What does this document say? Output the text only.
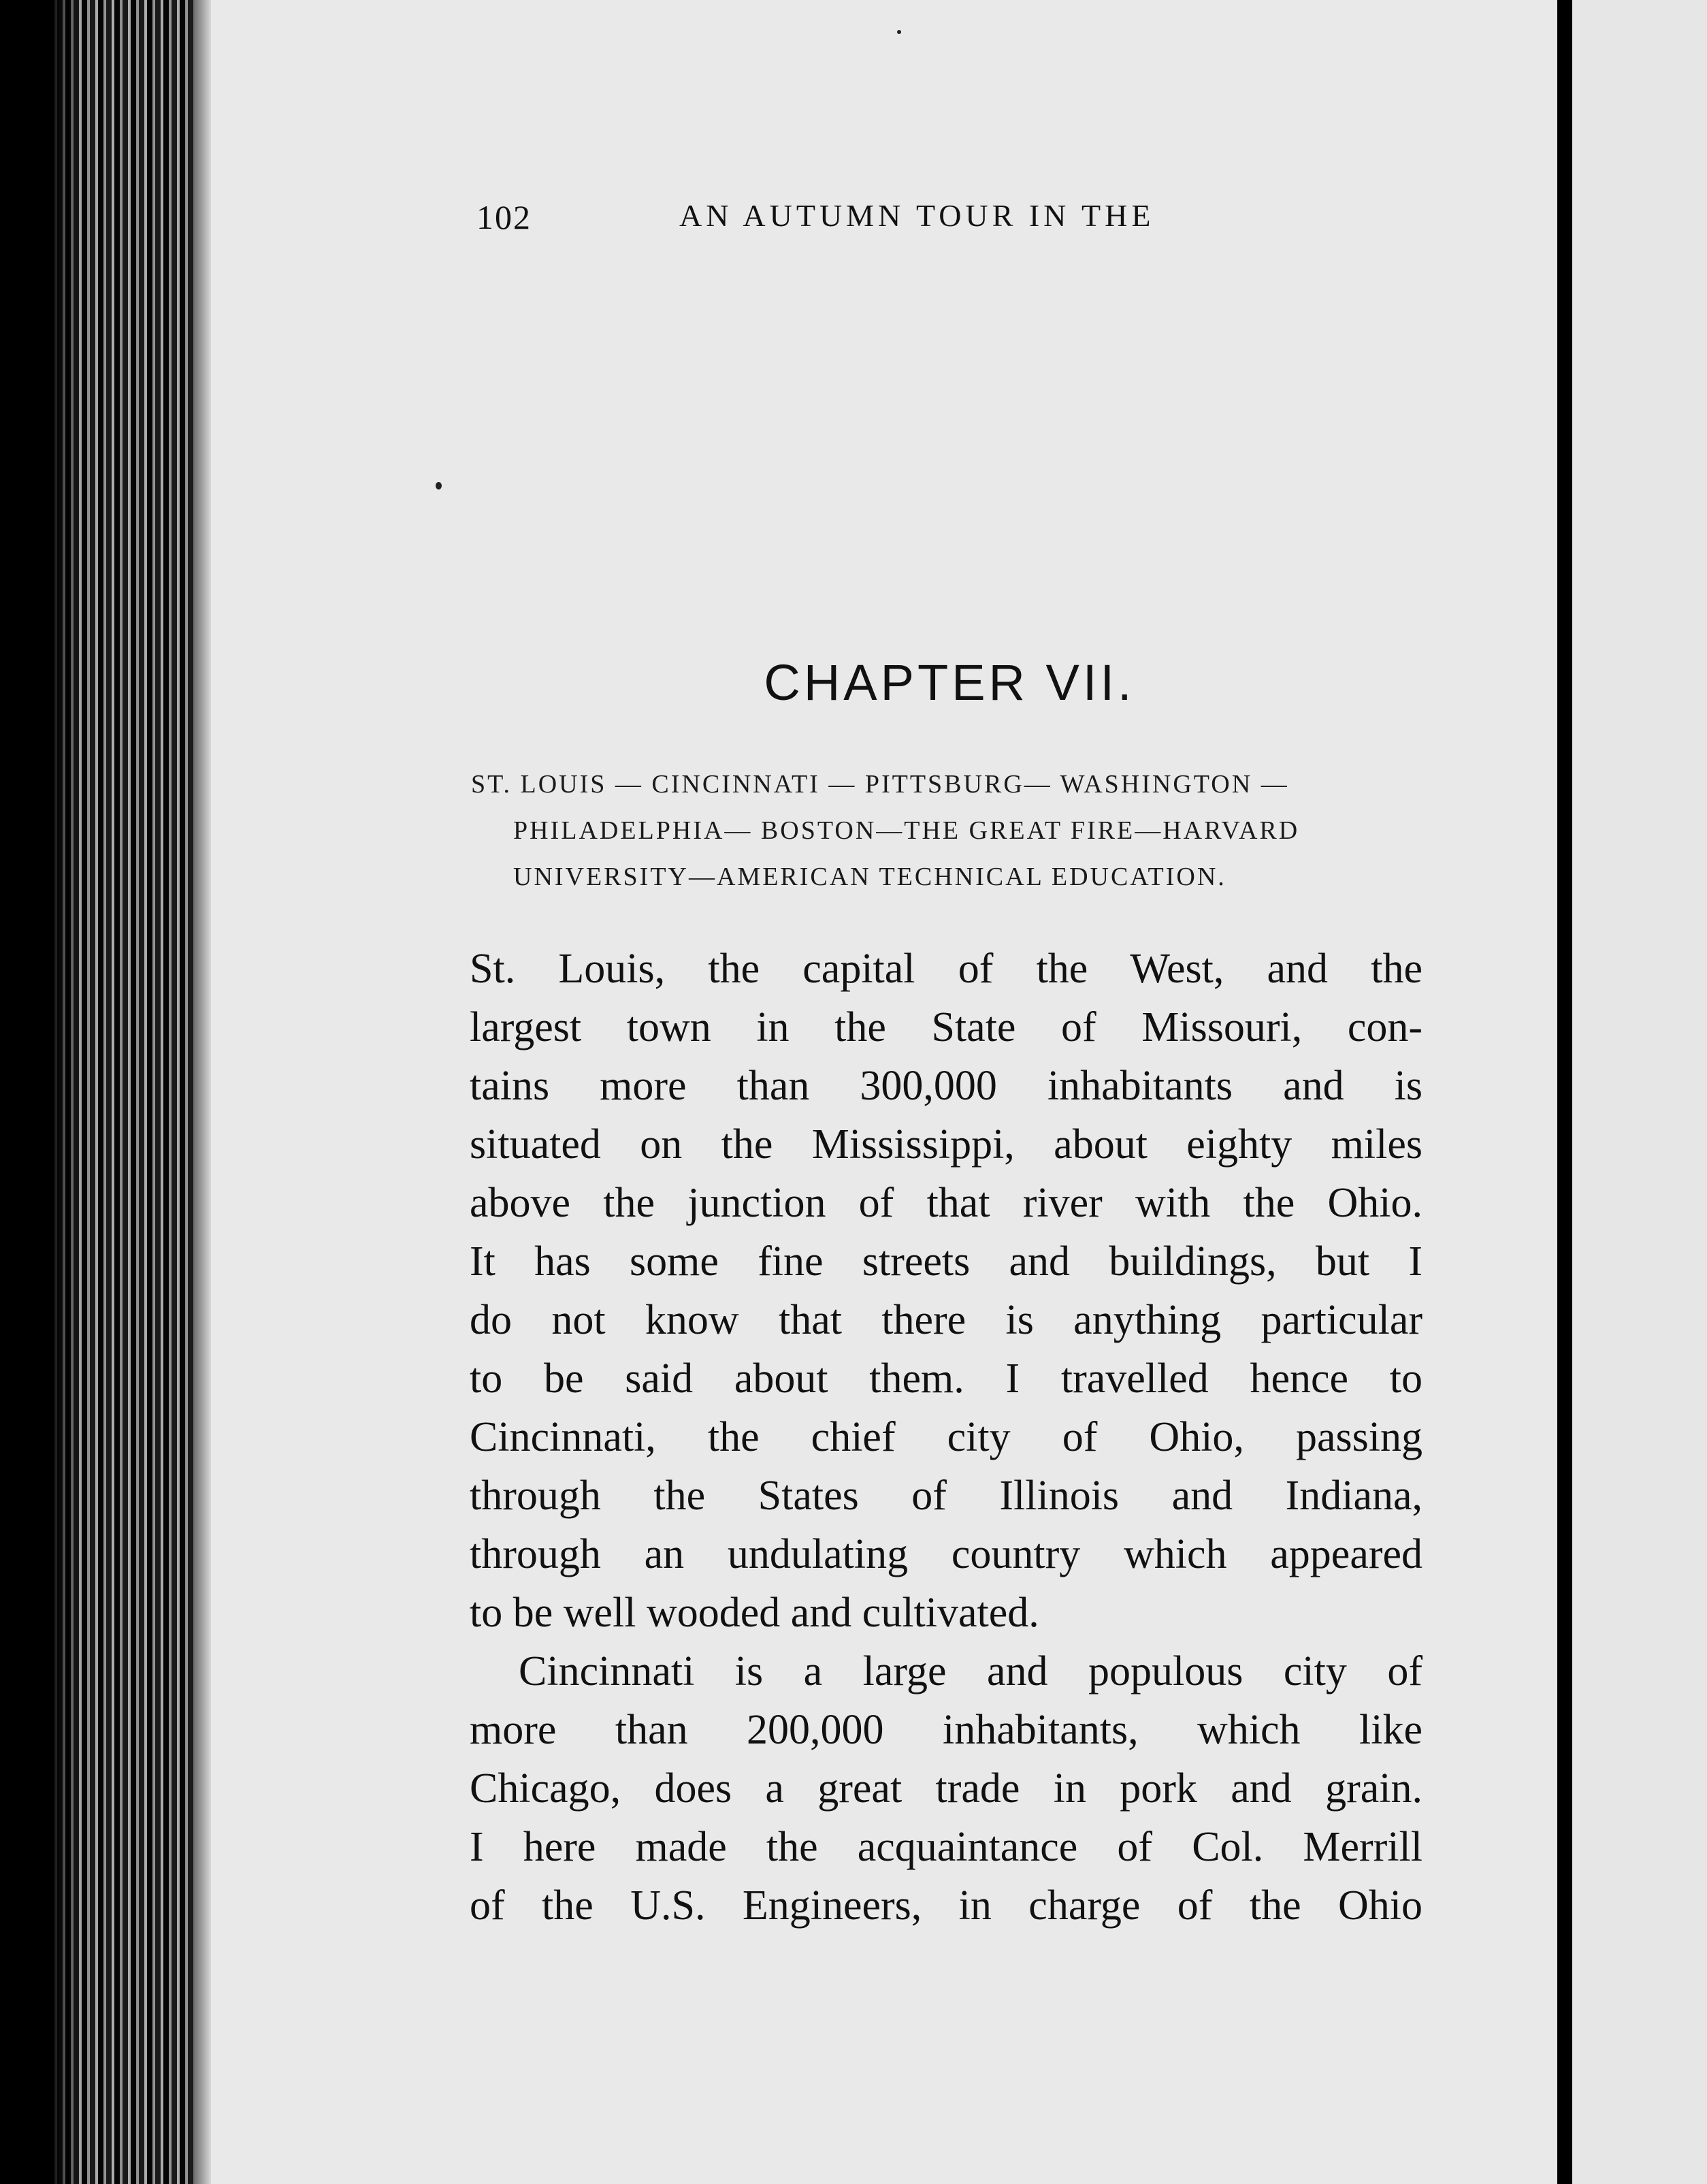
102	AN AUTUMN TOUR IN THE
CHAPTER VII.
ST. LOUIS — CINCINNATI — PITTSBURG— WASHINGTON —
PHILADELPHIA— BOSTON—THE GREAT FIRE—HARVARD
UNIVERSITY—AMERICAN TECHNICAL EDUCATION.
St. Louis, the capital of the West, and the
largest town in the State of Missouri, con-
tains more than 300,000 inhabitants and is
situated on the Mississippi, about eighty miles
above the junction of that river with the Ohio.
It has some fine streets and buildings, but I
do not know that there is anything particular
to be said about them. I travelled hence to
Cincinnati, the chief city of Ohio, passing
through the States of Illinois and Indiana,
through an undulating country which appeared
to be well wooded and cultivated.
Cincinnati is a large and populous city of
more than 200,000 inhabitants, which like
Chicago, does a great trade in pork and grain.
I here made the acquaintance of Col. Merrill
of the U.S. Engineers, in charge of the Ohio
